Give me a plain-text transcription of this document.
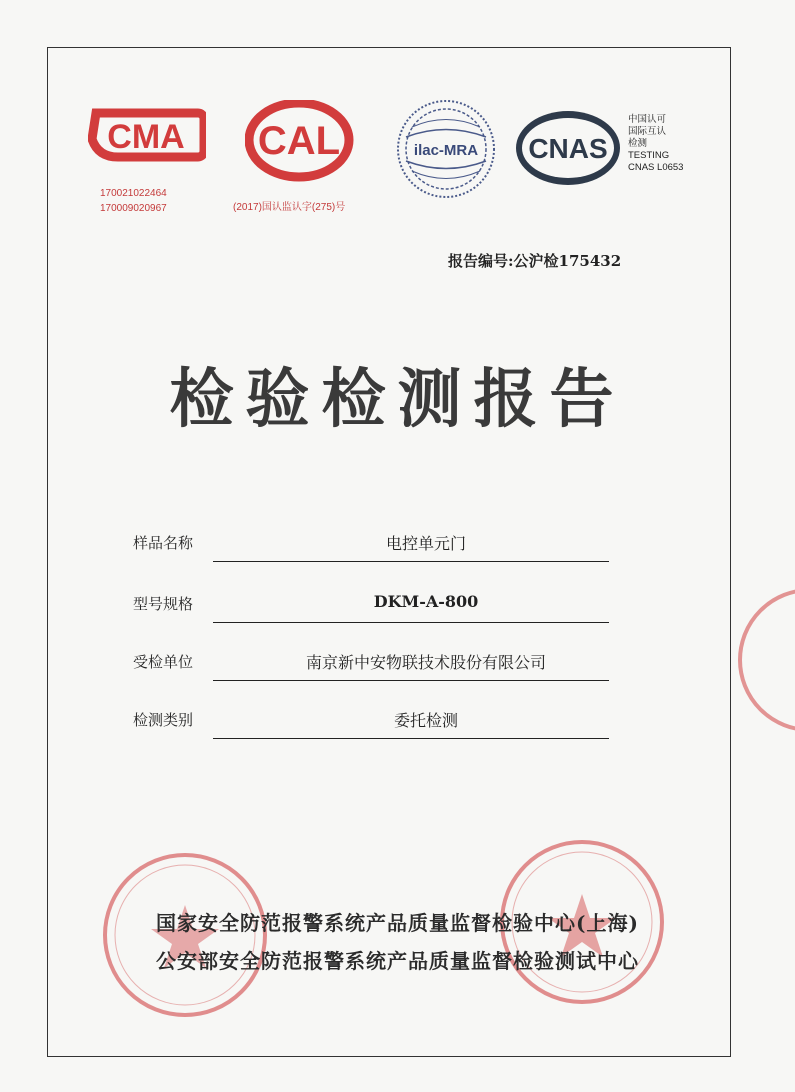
CMA
170021022464
170009020967
CAL
(2017)国认监认字(275)号
ilac-MRA CNAS
中国认可
国际互认
检测
TESTING
CNAS L0653
报告编号:公沪检175432
检验检测报告
样品名称	电控单元门
型号规格	DKM-A-800
受检单位	南京新中安物联技术股份有限公司
检测类别	委托检测
国家安全防范报警系统产品质量监督检验中心(上海)
公安部安全防范报警系统产品质量监督检验测试中心
